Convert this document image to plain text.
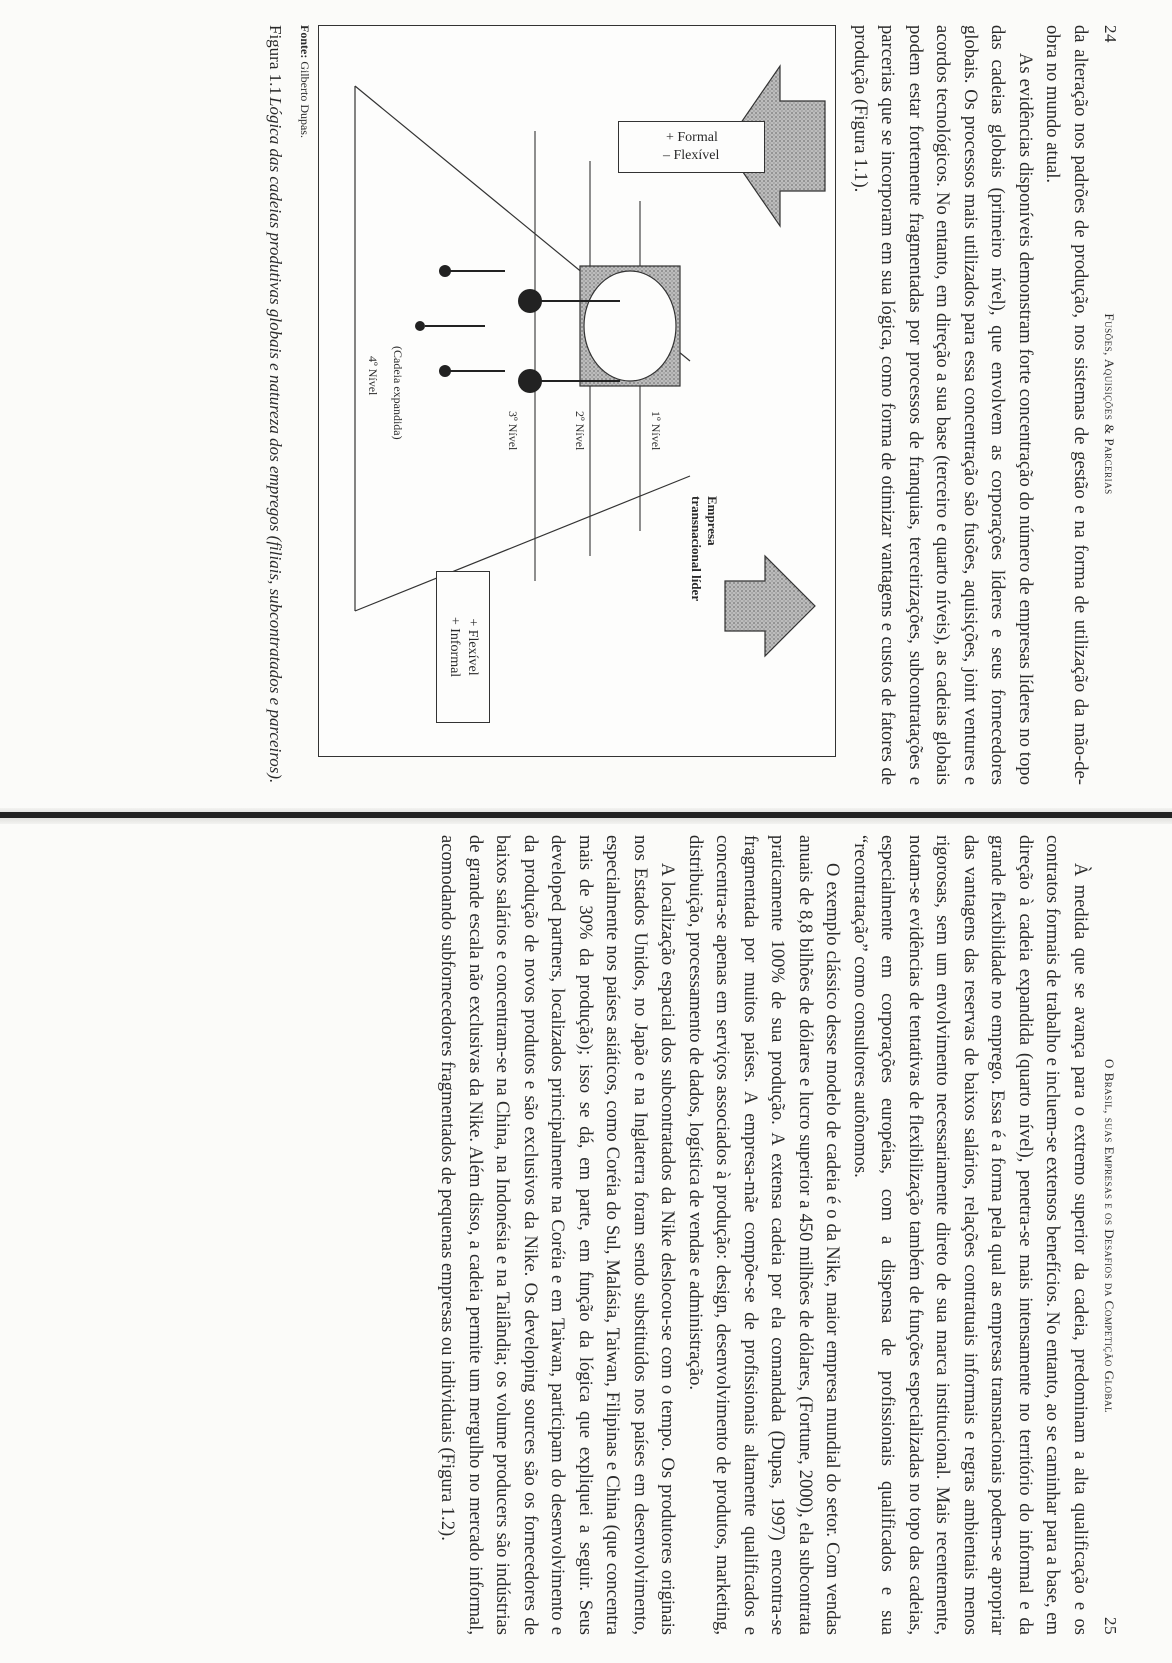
24
Fusões, Aquisições & Parcerias

da alteração nos padrões de produção, nos sistemas de gestão e na forma de utilização da mão-de-obra no mundo atual.

As evidências disponíveis demonstram forte concentração do número de empresas líderes no topo das cadeias globais (primeiro nível), que envolvem as corporações líderes e seus fornecedores globais. Os processos mais utilizados para essa concentração são fusões, aquisições, joint ventures e acordos tecnológicos. No entanto, em direção a sua base (terceiro e quarto níveis), as cadeias globais podem estar fortemente fragmentadas por processos de franquias, terceirizações, subcontratações e parcerias que se incorporam em sua lógica, como forma de otimizar vantagens e custos de fatores de produção (Figura 1.1).

+ Formal
– Flexível
+ Flexível
+ Informal
Empresa transnacional líder
1º Nível
2º Nível
3º Nível
(Cadeia expandida)
4º Nível
Fonte: Gilberto Dupas.
Figura 1.1
Lógica das cadeias produtivas globais e natureza dos empregos (filiais, subcontratados e parceiros).
O Brasil, suas Empresas e os Desafios da Competição Global
25

À medida que se avança para o extremo superior da cadeia, predominam a alta qualificação e os contratos formais de trabalho e incluem-se extensos benefícios. No entanto, ao se caminhar para a base, em direção à cadeia expandida (quarto nível), penetra-se mais intensamente no território do informal e da grande flexibilidade no emprego. Essa é a forma pela qual as empresas transnacionais podem-se apropriar das vantagens das reservas de baixos salários, relações contratuais informais e regras ambientais menos rigorosas, sem um envolvimento necessariamente direto de sua marca institucional. Mais recentemente, notam-se evidências de tentativas de flexibilização também de funções especializadas no topo das cadeias, especialmente em corporações européias, com a dispensa de profissionais qualificados e sua “recontratação” como consultores autônomos.

O exemplo clássico desse modelo de cadeia é o da Nike, maior empresa mundial do setor. Com vendas anuais de 8,8 bilhões de dólares e lucro superior a 450 milhões de dólares, (Fortune, 2000), ela subcontrata praticamente 100% de sua produção. A extensa cadeia por ela comandada (Dupas, 1997) encontra-se fragmentada por muitos países. A empresa-mãe compõe-se de profissionais altamente qualificados e concentra-se apenas em serviços associados à produção: design, desenvolvimento de produtos, marketing, distribuição, processamento de dados, logística de vendas e administração.

A localização espacial dos subcontratados da Nike deslocou-se com o tempo. Os produtores originais nos Estados Unidos, no Japão e na Inglaterra foram sendo substituídos nos países em desenvolvimento, especialmente nos países asiáticos, como Coréia do Sul, Malásia, Taiwan, Filipinas e China (que concentra mais de 30% da produção); isso se dá, em parte, em função da lógica que expliquei a seguir. Seus developed partners, localizados principalmente na Coréia e em Taiwan, participam do desenvolvimento e da produção de novos produtos e são exclusivos da Nike. Os developing sources são os fornecedores de baixos salários e concentram-se na China, na Indonésia e na Tailândia; os volume producers são indústrias de grande escala não exclusivas da Nike. Além disso, a cadeia permite um mergulho no mercado informal, acomodando subfornecedores fragmentados de pequenas empresas ou individuais (Figura 1.2).
